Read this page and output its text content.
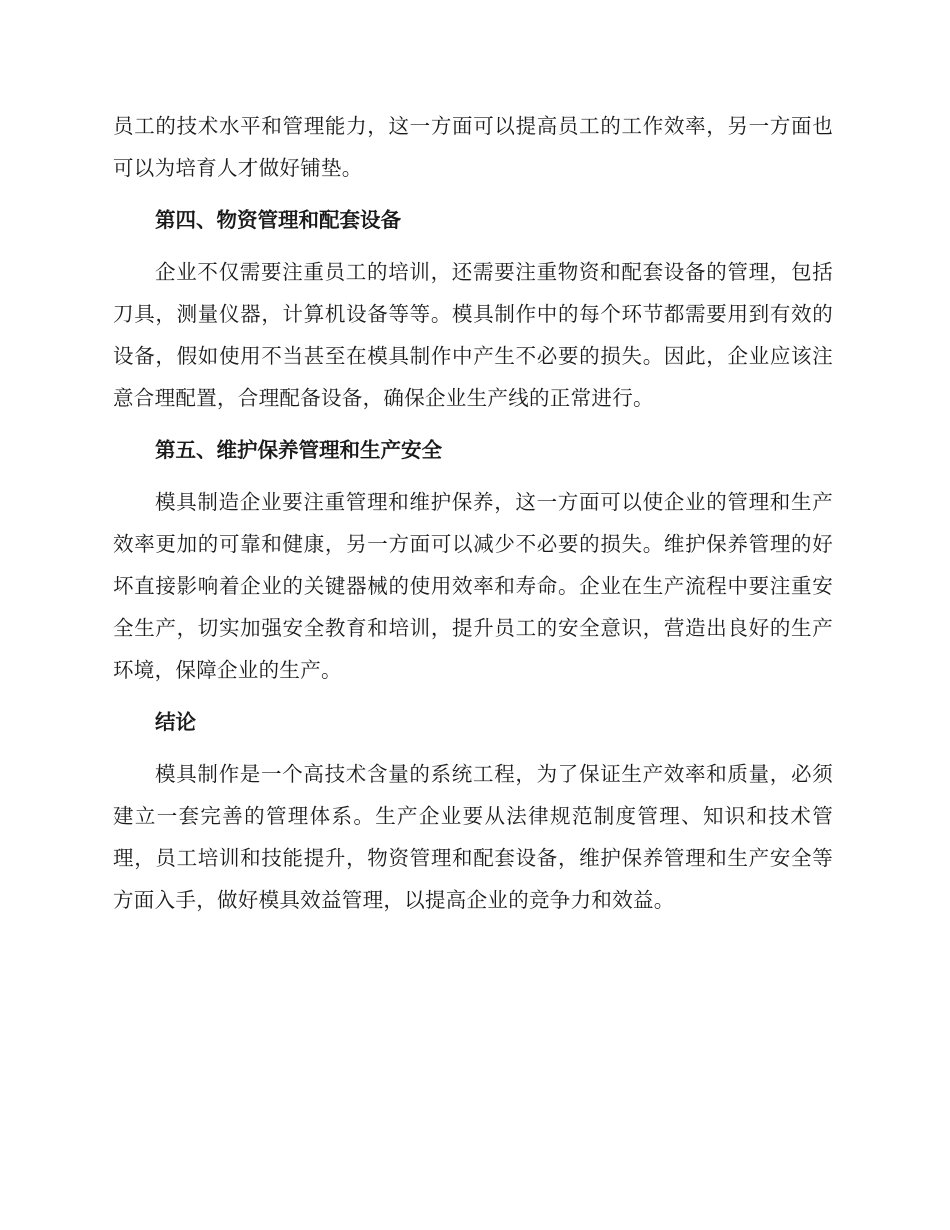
员工的技术水平和管理能力，这一方面可以提高员工的工作效率，另一方面也可以为培育人才做好铺垫。

第四、物资管理和配套设备

企业不仅需要注重员工的培训，还需要注重物资和配套设备的管理，包括刀具，测量仪器，计算机设备等等。模具制作中的每个环节都需要用到有效的设备，假如使用不当甚至在模具制作中产生不必要的损失。因此，企业应该注意合理配置，合理配备设备，确保企业生产线的正常进行。

第五、维护保养管理和生产安全

模具制造企业要注重管理和维护保养，这一方面可以使企业的管理和生产效率更加的可靠和健康，另一方面可以减少不必要的损失。维护保养管理的好坏直接影响着企业的关键器械的使用效率和寿命。企业在生产流程中要注重安全生产，切实加强安全教育和培训，提升员工的安全意识，营造出良好的生产环境，保障企业的生产。

结论

模具制作是一个高技术含量的系统工程，为了保证生产效率和质量，必须建立一套完善的管理体系。生产企业要从法律规范制度管理、知识和技术管理，员工培训和技能提升，物资管理和配套设备，维护保养管理和生产安全等方面入手，做好模具效益管理，以提高企业的竞争力和效益。
